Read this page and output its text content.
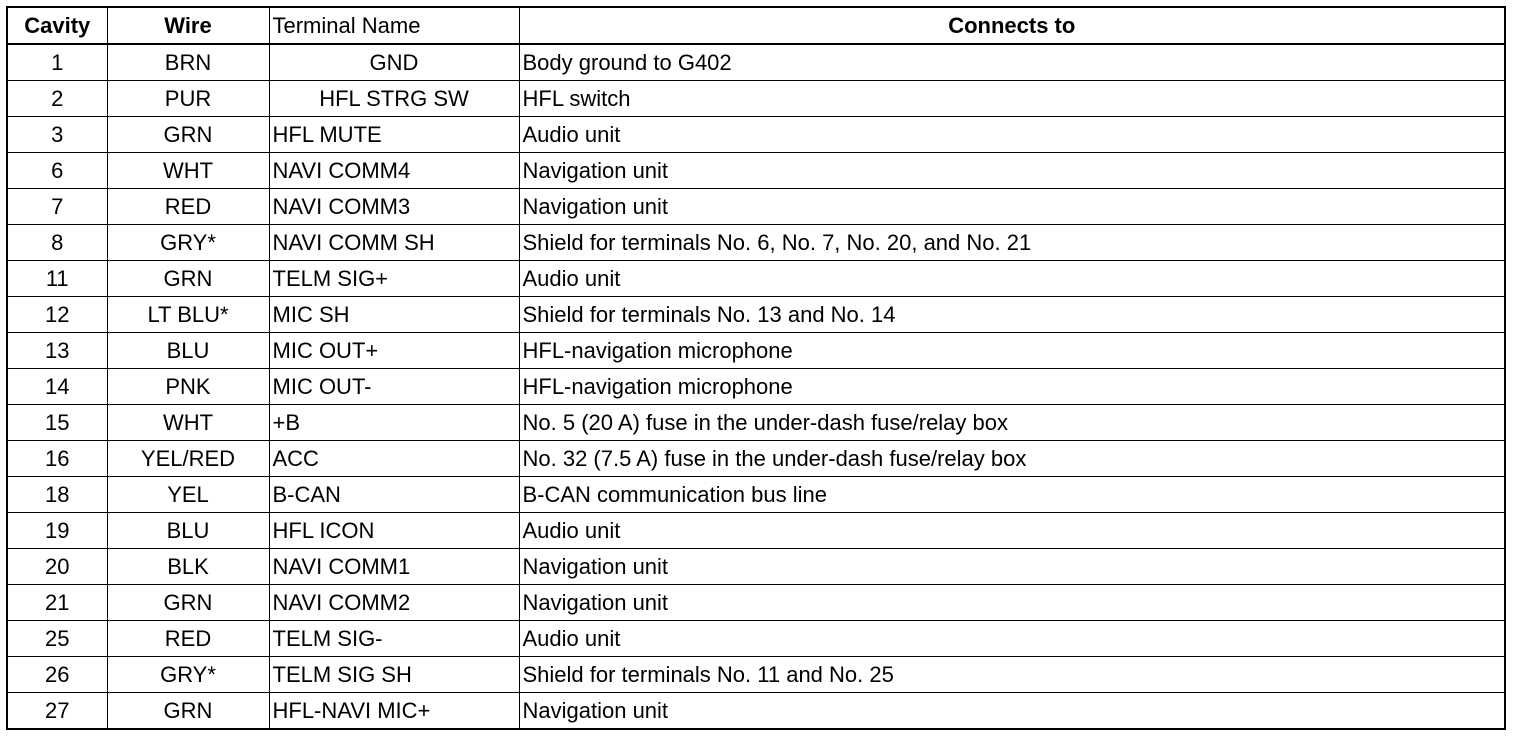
Cavity	Wire	Terminal Name	Connects to
1	BRN	GND	Body ground to G402
2	PUR	HFL STRG SW	HFL switch
3	GRN	HFL MUTE	Audio unit
6	WHT	NAVI COMM4	Navigation unit
7	RED	NAVI COMM3	Navigation unit
8	GRY*	NAVI COMM SH	Shield for terminals No. 6, No. 7, No. 20, and No. 21
11	GRN	TELM SIG+	Audio unit
12	LT BLU*	MIC SH	Shield for terminals No. 13 and No. 14
13	BLU	MIC OUT+	HFL-navigation microphone
14	PNK	MIC OUT-	HFL-navigation microphone
15	WHT	+B	No. 5 (20 A) fuse in the under-dash fuse/relay box
16	YEL/RED	ACC	No. 32 (7.5 A) fuse in the under-dash fuse/relay box
18	YEL	B-CAN	B-CAN communication bus line
19	BLU	HFL ICON	Audio unit
20	BLK	NAVI COMM1	Navigation unit
21	GRN	NAVI COMM2	Navigation unit
25	RED	TELM SIG-	Audio unit
26	GRY*	TELM SIG SH	Shield for terminals No. 11 and No. 25
27	GRN	HFL-NAVI MIC+	Navigation unit
